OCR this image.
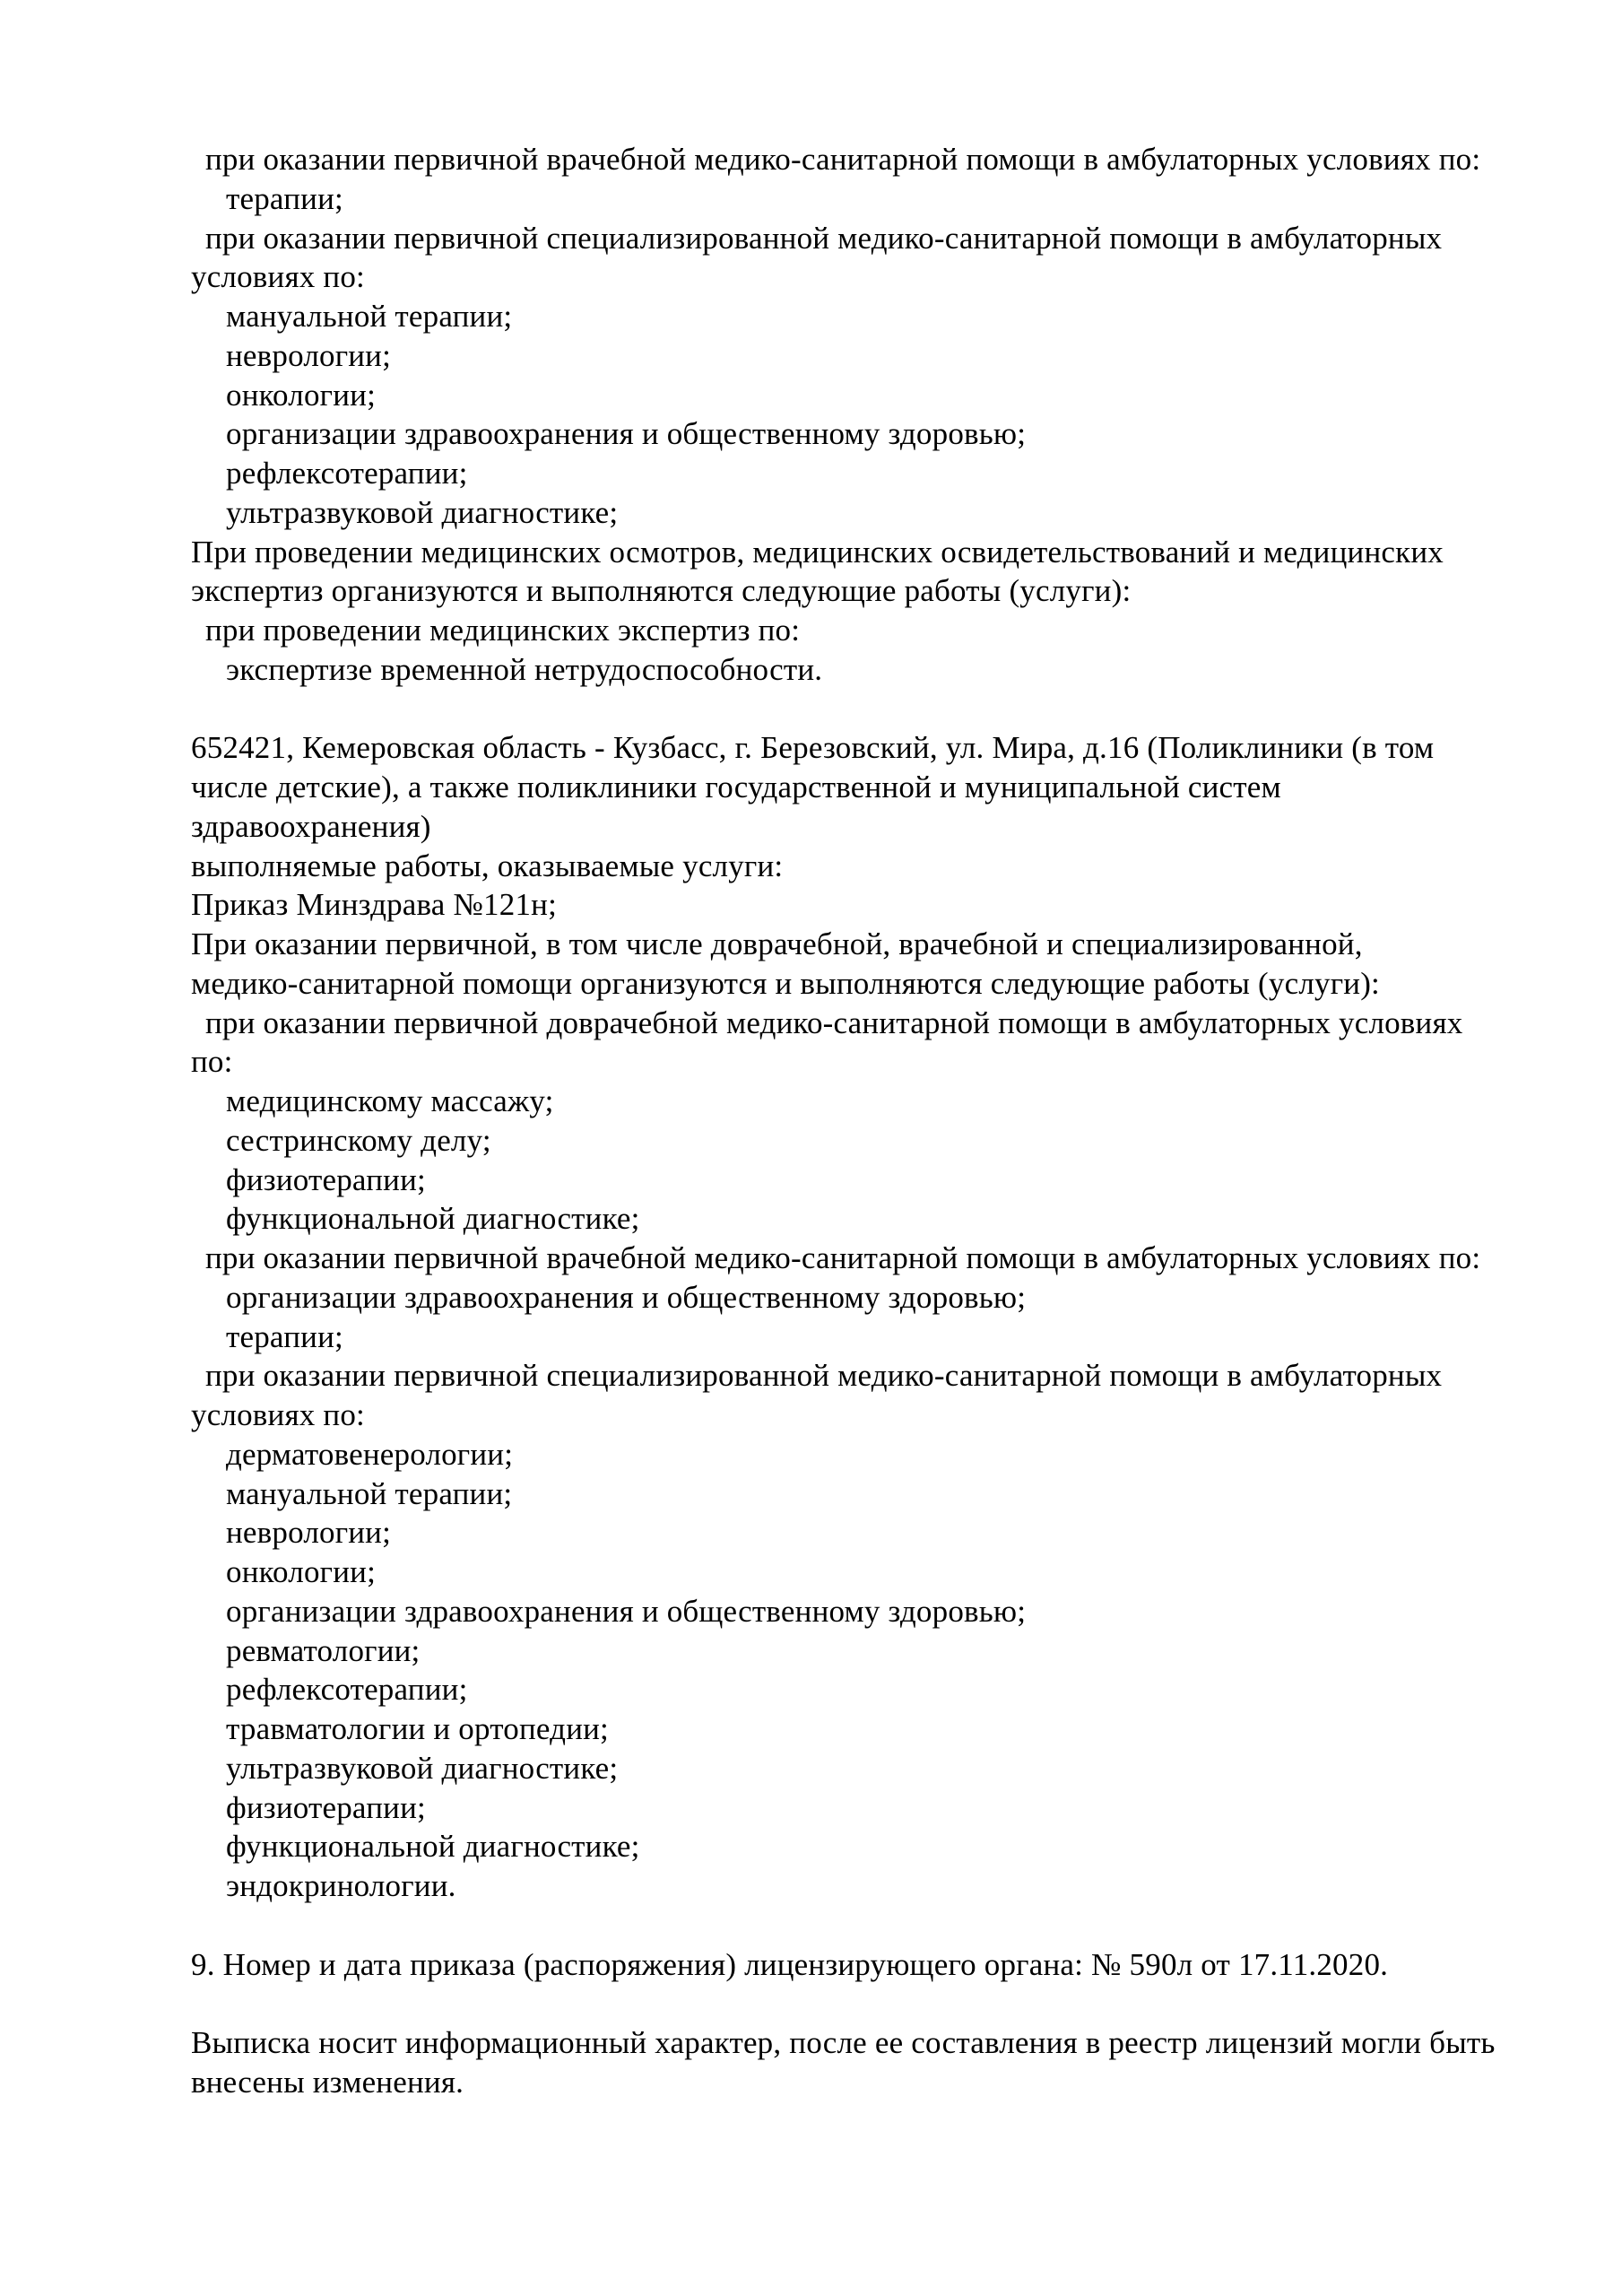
при оказании первичной врачебной медико-санитарной помощи в амбулаторных условиях по:
терапии;
при оказании первичной специализированной медико-санитарной помощи в амбулаторных
условиях по:
мануальной терапии;
неврологии;
онкологии;
организации здравоохранения и общественному здоровью;
рефлексотерапии;
ультразвуковой диагностике;
При проведении медицинских осмотров, медицинских освидетельствований и медицинских
экспертиз организуются и выполняются следующие работы (услуги):
при проведении медицинских экспертиз по:
экспертизе временной нетрудоспособности.
652421, Кемеровская область - Кузбасс, г. Березовский, ул. Мира, д.16 (Поликлиники (в том
числе детские), а также поликлиники государственной и муниципальной систем
здравоохранения)
выполняемые работы, оказываемые услуги:
Приказ Минздрава №121н;
При оказании первичной, в том числе доврачебной, врачебной и специализированной,
медико-санитарной помощи организуются и выполняются следующие работы (услуги):
при оказании первичной доврачебной медико-санитарной помощи в амбулаторных условиях
по:
медицинскому массажу;
сестринскому делу;
физиотерапии;
функциональной диагностике;
при оказании первичной врачебной медико-санитарной помощи в амбулаторных условиях по:
организации здравоохранения и общественному здоровью;
терапии;
при оказании первичной специализированной медико-санитарной помощи в амбулаторных
условиях по:
дерматовенерологии;
мануальной терапии;
неврологии;
онкологии;
организации здравоохранения и общественному здоровью;
ревматологии;
рефлексотерапии;
травматологии и ортопедии;
ультразвуковой диагностике;
физиотерапии;
функциональной диагностике;
эндокринологии.
9. Номер и дата приказа (распоряжения) лицензирующего органа: № 590л от 17.11.2020.
Выписка носит информационный характер, после ее составления в реестр лицензий могли быть
внесены изменения.
